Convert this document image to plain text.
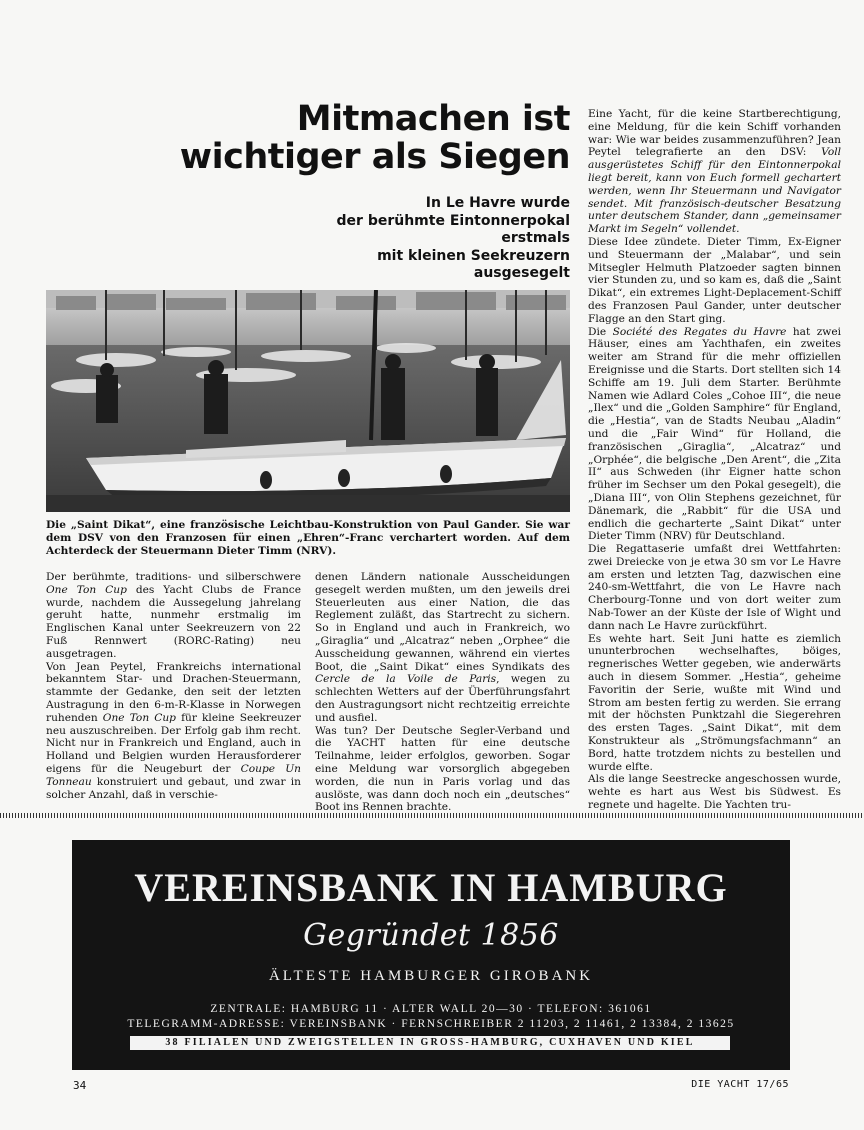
Mitmachen ist
wichtiger als Siegen
In Le Havre wurde
der berühmte Eintonnerpokal
erstmals
mit kleinen Seekreuzern
ausgesegelt
Die „Saint Dikat“, eine französische Leichtbau-Konstruktion von Paul Gander. Sie war dem DSV von den Franzosen für einen „Ehren“-Franc verchartert worden. Auf dem Achterdeck der Steuermann Dieter Timm (NRV).

Der berühmte, traditions- und silberschwere One Ton Cup des Yacht Clubs de France wurde, nachdem die Aussegelung jahrelang geruht hatte, nunmehr erstmalig im Englischen Kanal unter Seekreuzern von 22 Fuß Rennwert (RORC-Rating) neu ausgetragen.

Von Jean Peytel, Frankreichs international bekanntem Star- und Drachen-Steuermann, stammte der Gedanke, den seit der letzten Austragung in den 6-m-R-Klasse in Norwegen ruhenden One Ton Cup für kleine Seekreuzer neu auszuschreiben. Der Erfolg gab ihm recht. Nicht nur in Frankreich und England, auch in Holland und Belgien wurden Herausforderer eigens für die Neugeburt der Coupe Un Tonneau konstruiert und gebaut, und zwar in solcher Anzahl, daß in verschie-

denen Ländern nationale Ausscheidungen gesegelt werden mußten, um den jeweils drei Steuerleuten aus einer Nation, die das Reglement zuläßt, das Startrecht zu sichern. So in England und auch in Frankreich, wo „Giraglia“ und „Alcatraz“ neben „Orphee“ die Ausscheidung gewannen, während ein viertes Boot, die „Saint Dikat“ eines Syndikats des Cercle de la Voile de Paris, wegen zu schlechten Wetters auf der Überführungsfahrt den Austragungsort nicht rechtzeitig erreichte und ausfiel.

Was tun? Der Deutsche Segler-Verband und die YACHT hatten für eine deutsche Teilnahme, leider erfolglos, geworben. Sogar eine Meldung war vorsorglich abgegeben worden, die nun in Paris vorlag und das auslöste, was dann doch noch ein „deutsches“ Boot ins Rennen brachte.

Eine Yacht, für die keine Startberechtigung, eine Meldung, für die kein Schiff vorhanden war: Wie war beides zusammenzuführen? Jean Peytel telegrafierte an den DSV: Voll ausgerüstetes Schiff für den Eintonnerpokal liegt bereit, kann von Euch formell gechartert werden, wenn Ihr Steuermann und Navigator sendet. Mit französisch-deutscher Besatzung unter deutschem Stander, dann „gemeinsamer Markt im Segeln“ vollendet.

Diese Idee zündete. Dieter Timm, Ex-Eigner und Steuermann der „Malabar“, und sein Mitsegler Helmuth Platzoeder sagten binnen vier Stunden zu, und so kam es, daß die „Saint Dikat“, ein extremes Light-Deplacement-Schiff des Franzosen Paul Gander, unter deutscher Flagge an den Start ging.

Die Société des Regates du Havre hat zwei Häuser, eines am Yachthafen, ein zweites weiter am Strand für die mehr offiziellen Ereignisse und die Starts. Dort stellten sich 14 Schiffe am 19. Juli dem Starter. Berühmte Namen wie Adlard Coles „Cohoe III“, die neue „Ilex“ und die „Golden Samphire“ für England, die „Hestia“, van de Stadts Neubau „Aladin“ und die „Fair Wind“ für Holland, die französischen „Giraglia“, „Alcatraz“ und „Orphée“, die belgische „Den Arent“, die „Zita II“ aus Schweden (ihr Eigner hatte schon früher im Sechser um den Pokal gesegelt), die „Diana III“, von Olin Stephens gezeichnet, für Dänemark, die „Rabbit“ für die USA und endlich die gecharterte „Saint Dikat“ unter Dieter Timm (NRV) für Deutschland.

Die Regattaserie umfaßt drei Wettfahrten: zwei Dreiecke von je etwa 30 sm vor Le Havre am ersten und letzten Tag, dazwischen eine 240-sm-Wettfahrt, die von Le Havre nach Cherbourg-Tonne und von dort weiter zum Nab-Tower an der Küste der Isle of Wight und dann nach Le Havre zurückführt.

Es wehte hart. Seit Juni hatte es ziemlich ununterbrochen wechselhaftes, böiges, regnerisches Wetter gegeben, wie anderwärts auch in diesem Sommer. „Hestia“, geheime Favoritin der Serie, wußte mit Wind und Strom am besten fertig zu werden. Sie errang mit der höchsten Punktzahl die Siegerehren des ersten Tages. „Saint Dikat“, mit dem Konstrukteur als „Strömungsfachmann“ an Bord, hatte trotzdem nichts zu bestellen und wurde elfte.

Als die lange Seestrecke angeschossen wurde, wehte es hart aus West bis Südwest. Es regnete und hagelte. Die Yachten tru-

VEREINSBANK IN HAMBURG
Gegründet 1856
ÄLTESTE HAMBURGER GIROBANK
ZENTRALE: HAMBURG 11 · ALTER WALL 20—30 · TELEFON: 361061
TELEGRAMM-ADRESSE: VEREINSBANK · FERNSCHREIBER 2 11203, 2 11461, 2 13384, 2 13625
38 FILIALEN UND ZWEIGSTELLEN IN GROSS-HAMBURG, CUXHAVEN UND KIEL
34	DIE YACHT 17/65
